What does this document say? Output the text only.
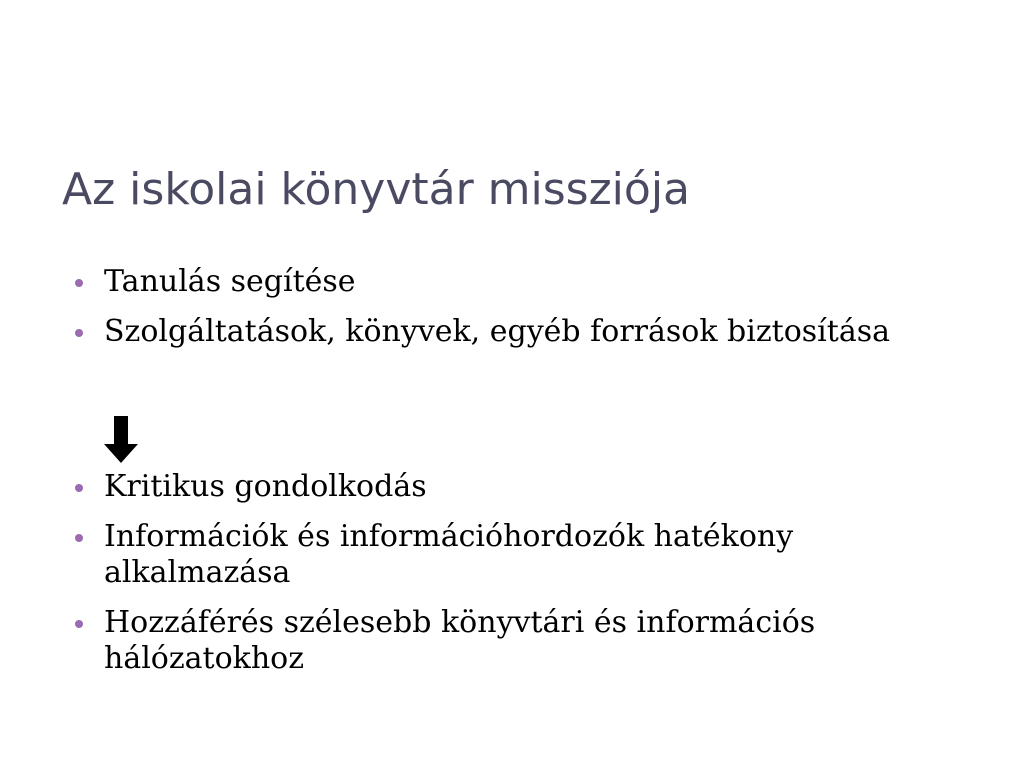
Az iskolai könyvtár missziója
Tanulás segítése
Szolgáltatások, könyvek, egyéb források biztosítása
Kritikus gondolkodás
Információk és információhordozók hatékony alkalmazása
Hozzáférés szélesebb könyvtári és információs hálózatokhoz
